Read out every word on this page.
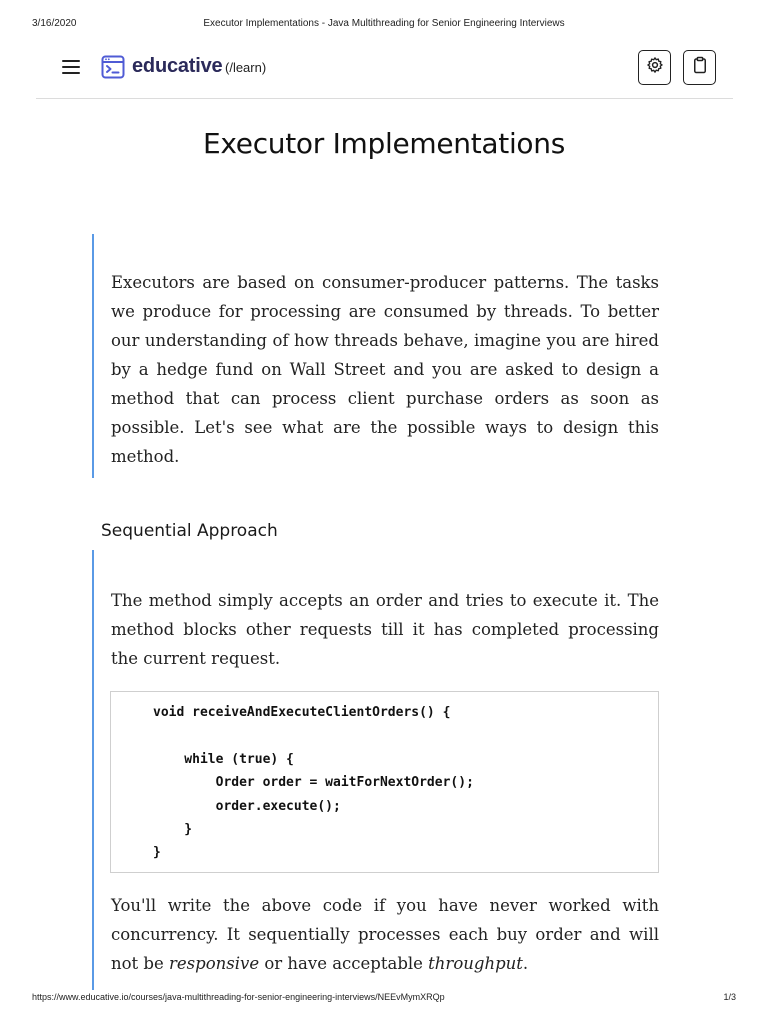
3/16/2020	Executor Implementations - Java Multithreading for Senior Engineering Interviews
educative (/learn)
Executor Implementations

Executors are based on consumer-producer patterns. The tasks we produce for processing are consumed by threads. To better our understanding of how threads behave, imagine you are hired by a hedge fund on Wall Street and you are asked to design a method that can process client purchase orders as soon as possible. Let's see what are the possible ways to design this method.

Sequential Approach

The method simply accepts an order and tries to execute it. The method blocks other requests till it has completed processing the current request.

void receiveAndExecuteClientOrders() {
while (true) {
Order order = waitForNextOrder();
order.execute();
}
}

You'll write the above code if you have never worked with concurrency. It sequentially processes each buy order and will not be responsive or have acceptable throughput.

https://www.educative.io/courses/java-multithreading-for-senior-engineering-interviews/NEEvMymXRQp	1/3
